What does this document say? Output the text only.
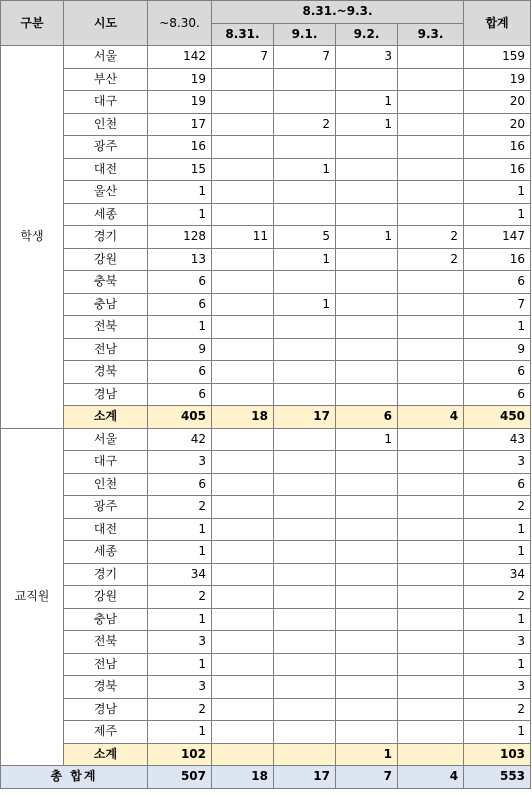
구분	시도	~8.30.	8.31.~9.3.				합계
			8.31.	9.1.	9.2.	9.3.	
학생	서울	142	7	7	3		159
	부산	19					19
	대구	19			1		20
	인천	17		2	1		20
	광주	16					16
	대전	15		1			16
	울산	1					1
	세종	1					1
	경기	128	11	5	1	2	147
	강원	13		1		2	16
	충북	6					6
	충남	6		1			7
	전북	1					1
	전남	9					9
	경북	6					6
	경남	6					6
	소계	405	18	17	6	4	450
교직원	서울	42			1		43
	대구	3					3
	인천	6					6
	광주	2					2
	대전	1					1
	세종	1					1
	경기	34					34
	강원	2					2
	충남	1					1
	전북	3					3
	전남	1					1
	경북	3					3
	경남	2					2
	제주	1					1
	소계	102			1		103
총 합계		507	18	17	7	4	553
